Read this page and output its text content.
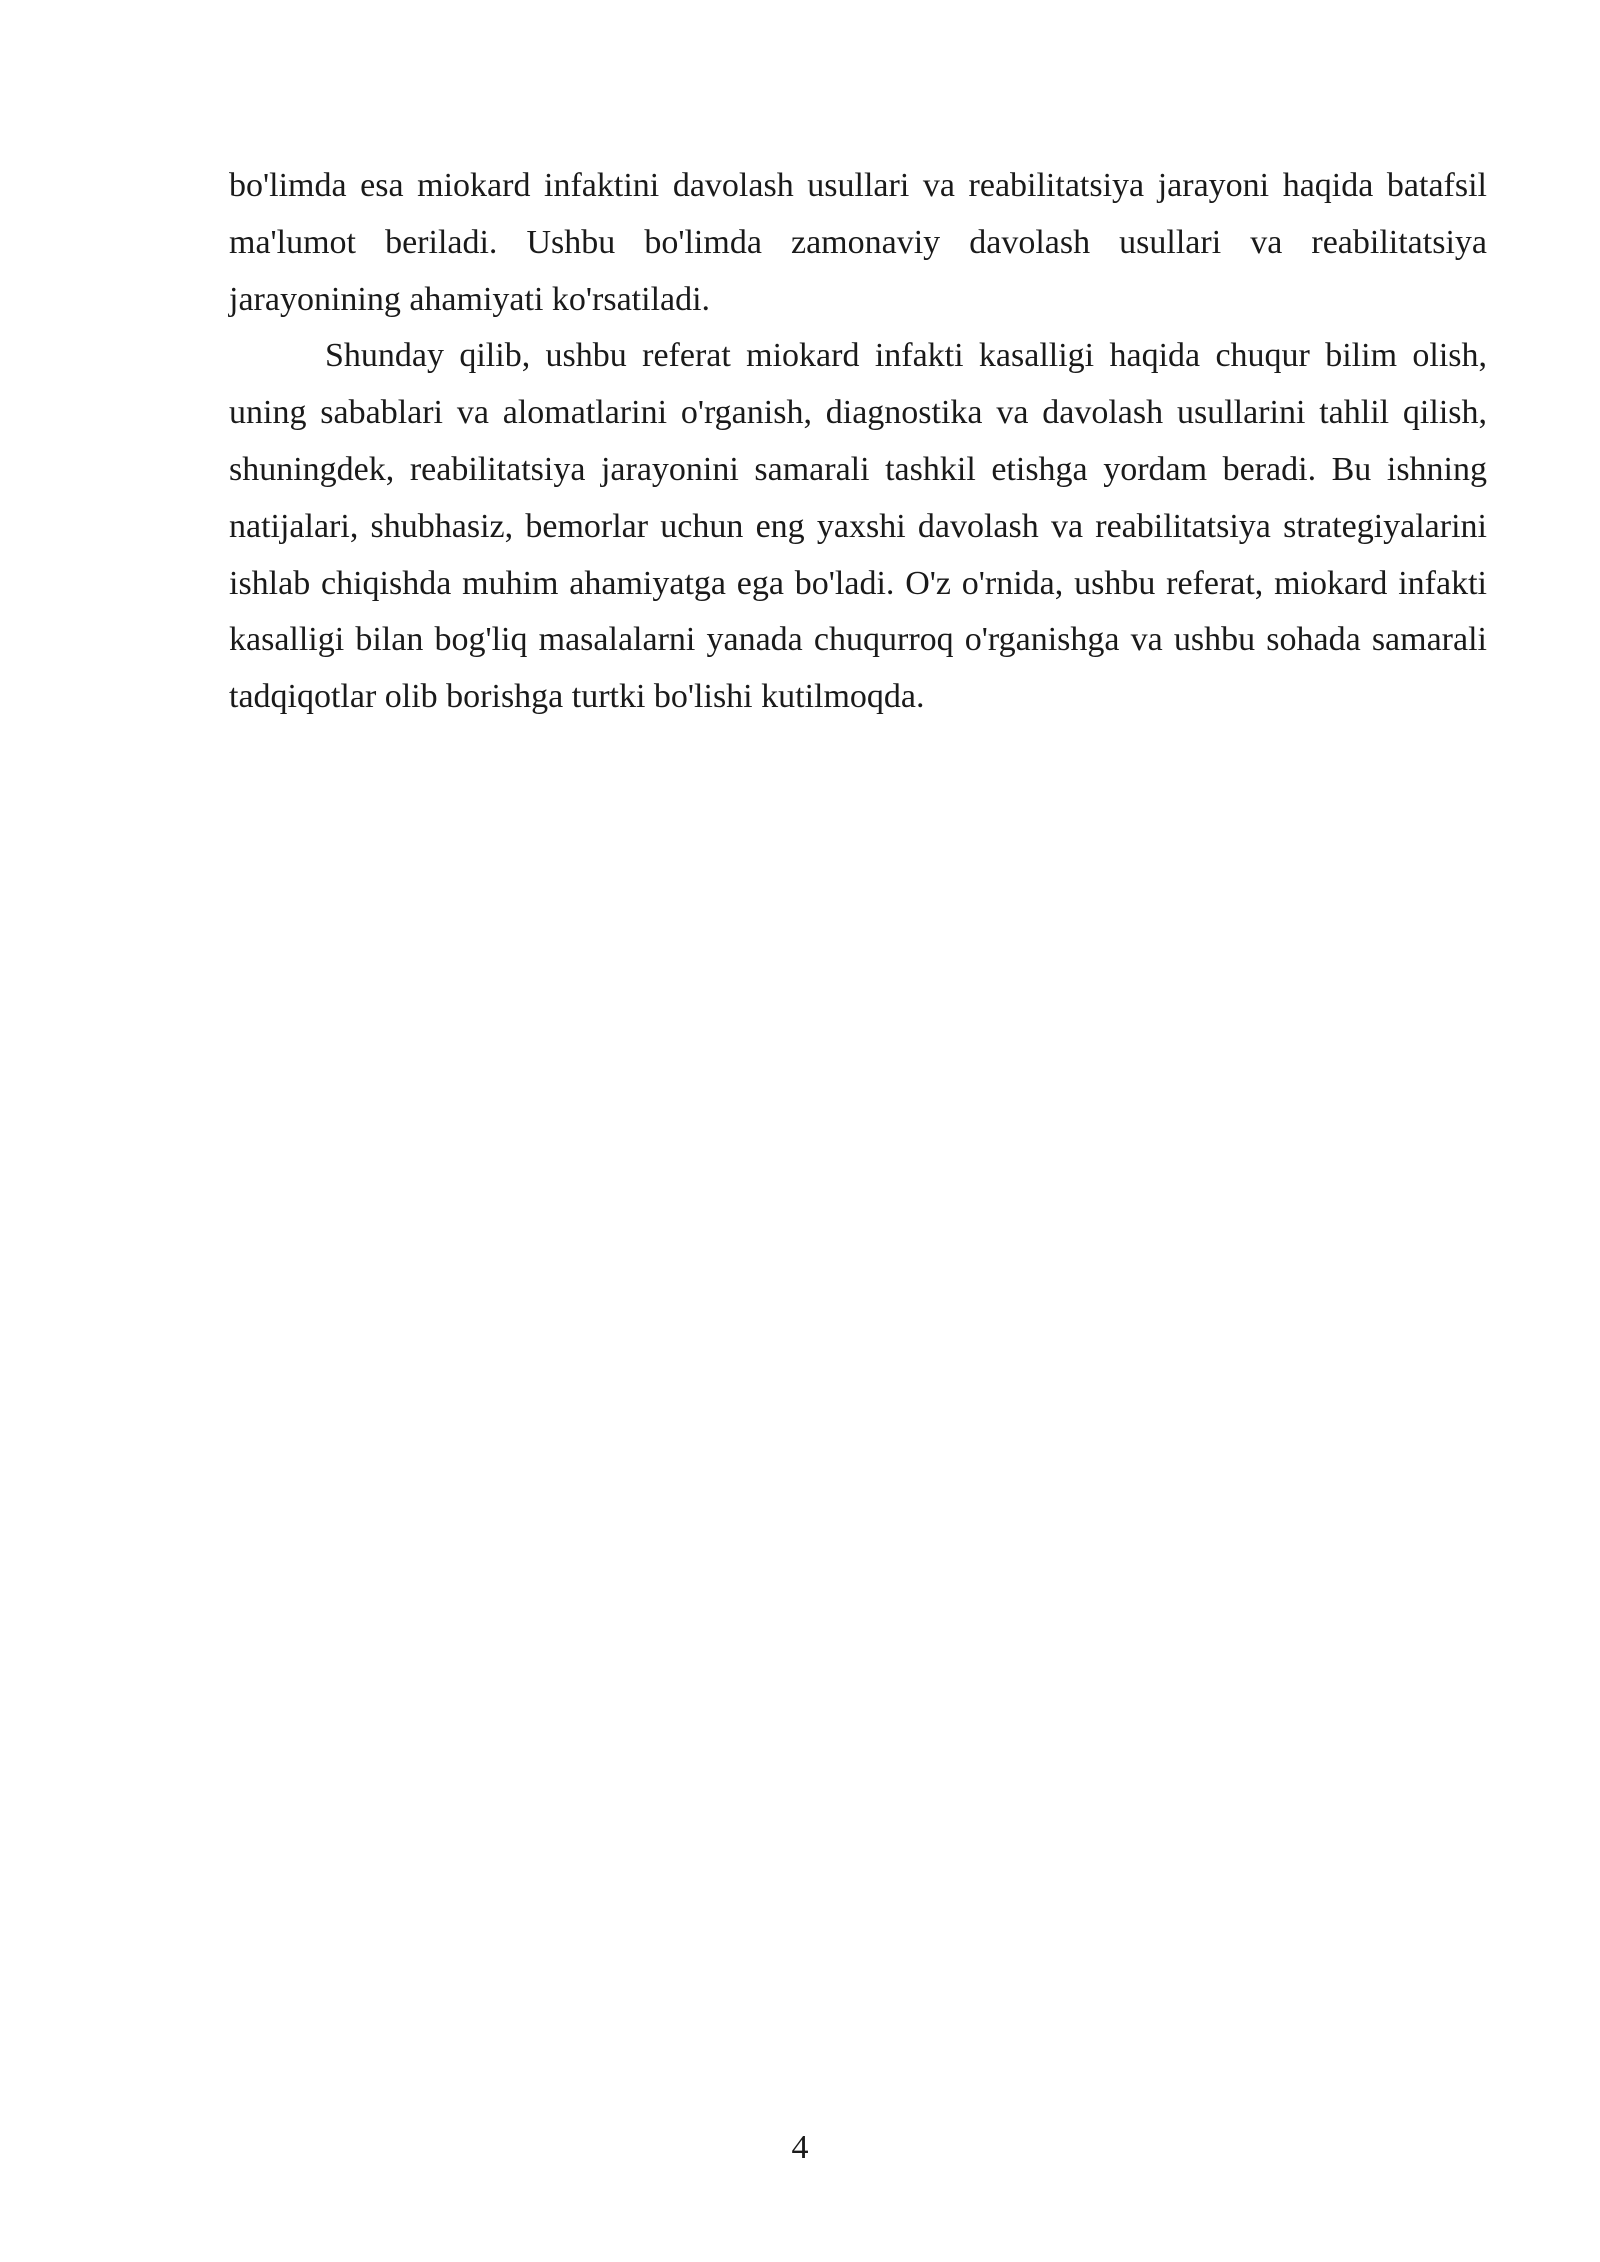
bo'limda esa miokard infaktini davolash usullari va reabilitatsiya jarayoni haqida batafsil ma'lumot beriladi. Ushbu bo'limda zamonaviy davolash usullari va reabilitatsiya jarayonining ahamiyati ko'rsatiladi.

Shunday qilib, ushbu referat miokard infakti kasalligi haqida chuqur bilim olish, uning sabablari va alomatlarini o'rganish, diagnostika va davolash usullarini tahlil qilish, shuningdek, reabilitatsiya jarayonini samarali tashkil etishga yordam beradi. Bu ishning natijalari, shubhasiz, bemorlar uchun eng yaxshi davolash va reabilitatsiya strategiyalarini ishlab chiqishda muhim ahamiyatga ega bo'ladi. O'z o'rnida, ushbu referat, miokard infakti kasalligi bilan bog'liq masalalarni yanada chuqurroq o'rganishga va ushbu sohada samarali tadqiqotlar olib borishga turtki bo'lishi kutilmoqda.

4
